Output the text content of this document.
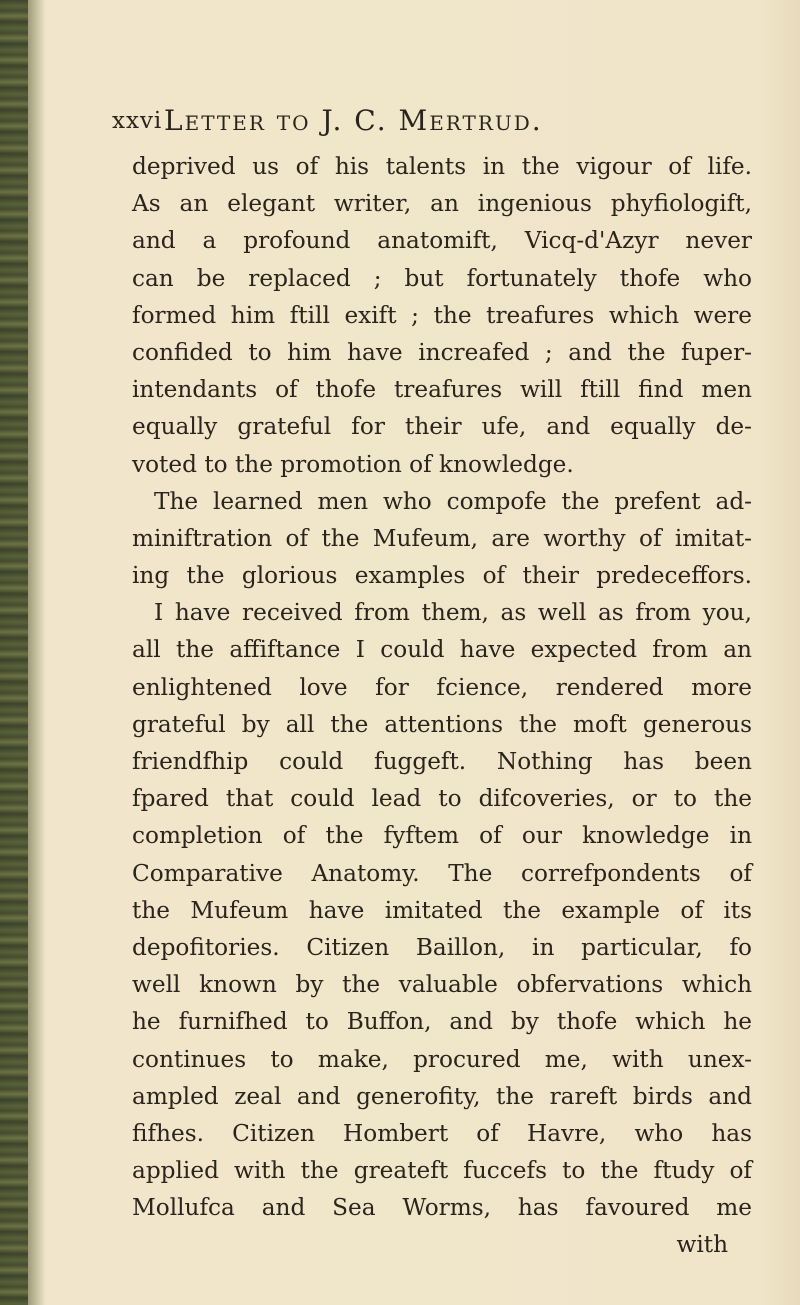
xxvi Letter to J. C. Mertrud.
deprived us of his talents in the vigour of life.
As an elegant writer, an ingenious phyfiologift,
and a profound anatomift, Vicq-d'Azyr never
can be replaced ; but fortunately thofe who
formed him ftill exift ; the treafures which were
confided to him have increafed ; and the fuper-
intendants of thofe treafures will ftill find men
equally grateful for their ufe, and equally de-
voted to the promotion of knowledge.
The learned men who compofe the prefent ad-
miniftration of the Mufeum, are worthy of imitat-
ing the glorious examples of their predeceffors.
I have received from them, as well as from you,
all the affiftance I could have expected from an
enlightened love for fcience, rendered more
grateful by all the attentions the moft generous
friendfhip could fuggeft. Nothing has been
fpared that could lead to difcoveries, or to the
completion of the fyftem of our knowledge in
Comparative Anatomy. The correfpondents of
the Mufeum have imitated the example of its
depofitories. Citizen Baillon, in particular, fo
well known by the valuable obfervations which
he furnifhed to Buffon, and by thofe which he
continues to make, procured me, with unex-
ampled zeal and generofity, the rareft birds and
fifhes. Citizen Hombert of Havre, who has
applied with the greateft fuccefs to the ftudy of
Mollufca and Sea Worms, has favoured me
with
